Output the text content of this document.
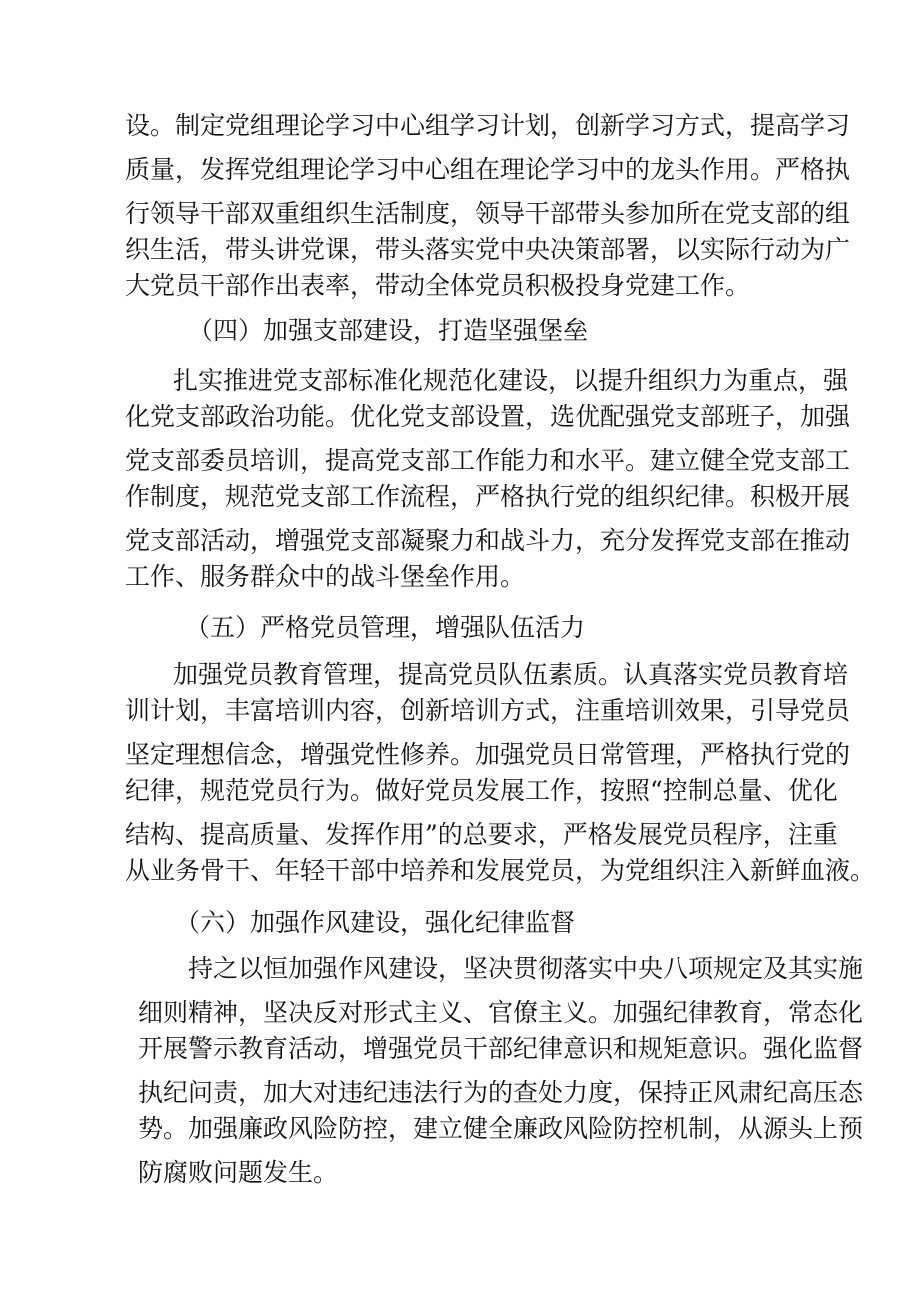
设。制定党组理论学习中心组学习计划，创新学习方式，提高学习
质量，发挥党组理论学习中心组在理论学习中的龙头作用。严格执
行领导干部双重组织生活制度，领导干部带头参加所在党支部的组
织生活，带头讲党课，带头落实党中央决策部署，以实际行动为广
大党员干部作出表率，带动全体党员积极投身党建工作。
（四）加强支部建设，打造坚强堡垒
扎实推进党支部标准化规范化建设，以提升组织力为重点，强
化党支部政治功能。优化党支部设置，选优配强党支部班子，加强
党支部委员培训，提高党支部工作能力和水平。建立健全党支部工
作制度，规范党支部工作流程，严格执行党的组织纪律。积极开展
党支部活动，增强党支部凝聚力和战斗力，充分发挥党支部在推动
工作、服务群众中的战斗堡垒作用。
（五）严格党员管理，增强队伍活力
加强党员教育管理，提高党员队伍素质。认真落实党员教育培
训计划，丰富培训内容，创新培训方式，注重培训效果，引导党员
坚定理想信念，增强党性修养。加强党员日常管理，严格执行党的
纪律，规范党员行为。做好党员发展工作，按照“控制总量、优化
结构、提高质量、发挥作用”的总要求，严格发展党员程序，注重
从业务骨干、年轻干部中培养和发展党员，为党组织注入新鲜血液。
（六）加强作风建设，强化纪律监督
持之以恒加强作风建设，坚决贯彻落实中央八项规定及其实施
细则精神，坚决反对形式主义、官僚主义。加强纪律教育，常态化
开展警示教育活动，增强党员干部纪律意识和规矩意识。强化监督
执纪问责，加大对违纪违法行为的查处力度，保持正风肃纪高压态
势。加强廉政风险防控，建立健全廉政风险防控机制，从源头上预
防腐败问题发生。
